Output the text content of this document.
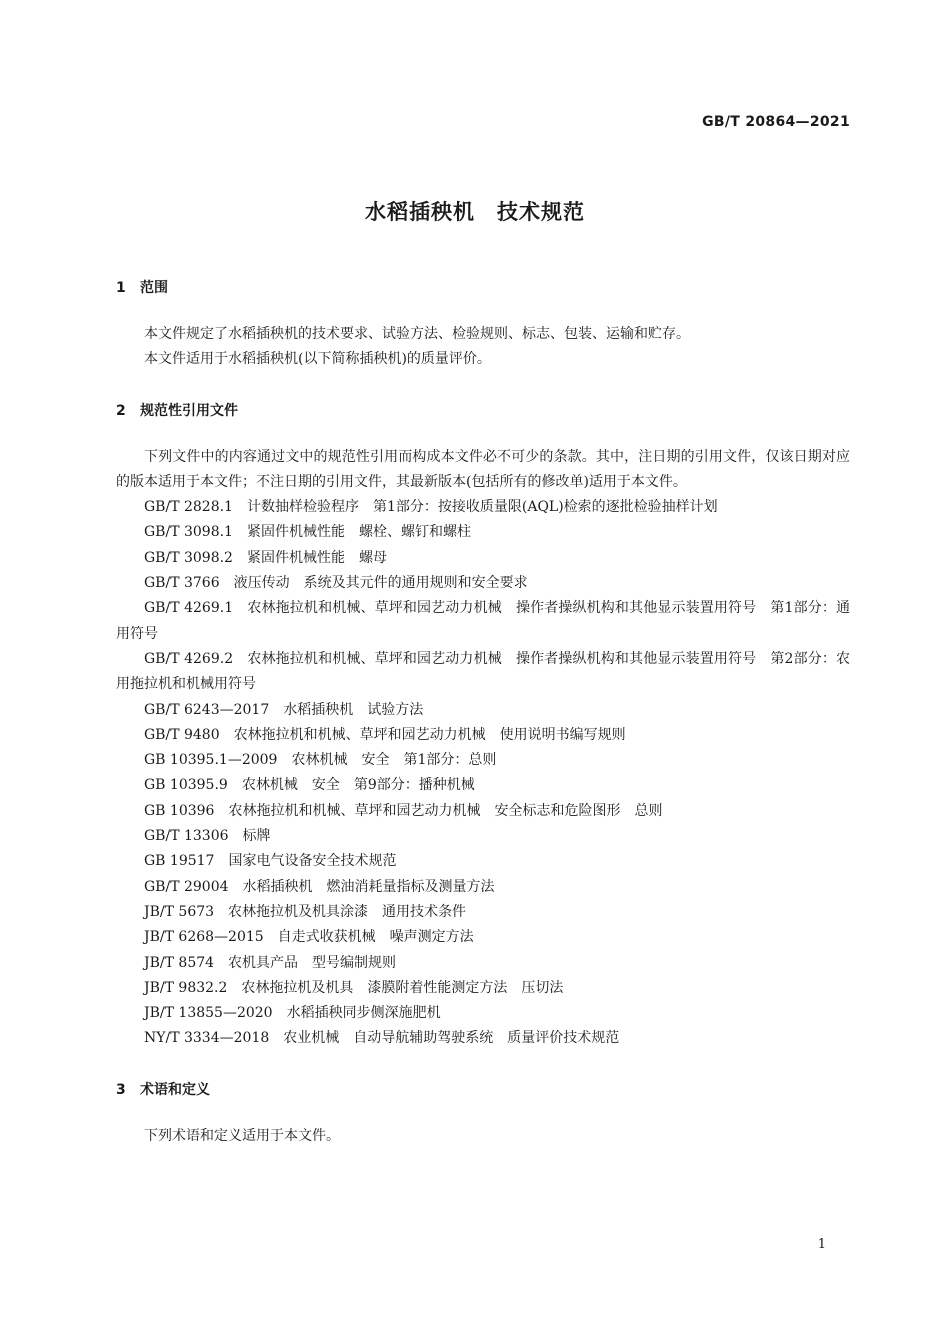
GB/T 20864—2021
水稻插秧机　技术规范
1 范围

本文件规定了水稻插秧机的技术要求、试验方法、检验规则、标志、包装、运输和贮存。

本文件适用于水稻插秧机(以下简称插秧机)的质量评价。

2 规范性引用文件

下列文件中的内容通过文中的规范性引用而构成本文件必不可少的条款。其中，注日期的引用文件，仅该日期对应的版本适用于本文件；不注日期的引用文件，其最新版本(包括所有的修改单)适用于本文件。

GB/T 2828.1　 计数抽样检验程序　第1部分：按接收质量限(AQL)检索的逐批检验抽样计划

GB/T 3098.1　 紧固件机械性能　螺栓、螺钉和螺柱

GB/T 3098.2　 紧固件机械性能　螺母

GB/T 3766　 液压传动　系统及其元件的通用规则和安全要求

GB/T 4269.1　 农林拖拉机和机械、草坪和园艺动力机械　操作者操纵机构和其他显示装置用符号　第1部分：通用符号

GB/T 4269.2　 农林拖拉机和机械、草坪和园艺动力机械　操作者操纵机构和其他显示装置用符号　第2部分：农用拖拉机和机械用符号

GB/T 6243—2017　 水稻插秧机　试验方法

GB/T 9480　 农林拖拉机和机械、草坪和园艺动力机械　使用说明书编写规则

GB 10395.1—2009　 农林机械　安全　第1部分：总则

GB 10395.9　 农林机械　安全　第9部分：播种机械

GB 10396　 农林拖拉机和机械、草坪和园艺动力机械　安全标志和危险图形　总则

GB/T 13306　 标牌

GB 19517　 国家电气设备安全技术规范

GB/T 29004　 水稻插秧机　燃油消耗量指标及测量方法

JB/T 5673　 农林拖拉机及机具涂漆　通用技术条件

JB/T 6268—2015　 自走式收获机械　噪声测定方法

JB/T 8574　 农机具产品　型号编制规则

JB/T 9832.2　 农林拖拉机及机具　漆膜附着性能测定方法　压切法

JB/T 13855—2020　 水稻插秧同步侧深施肥机

NY/T 3334—2018　 农业机械　自动导航辅助驾驶系统　质量评价技术规范

3 术语和定义

下列术语和定义适用于本文件。

1
